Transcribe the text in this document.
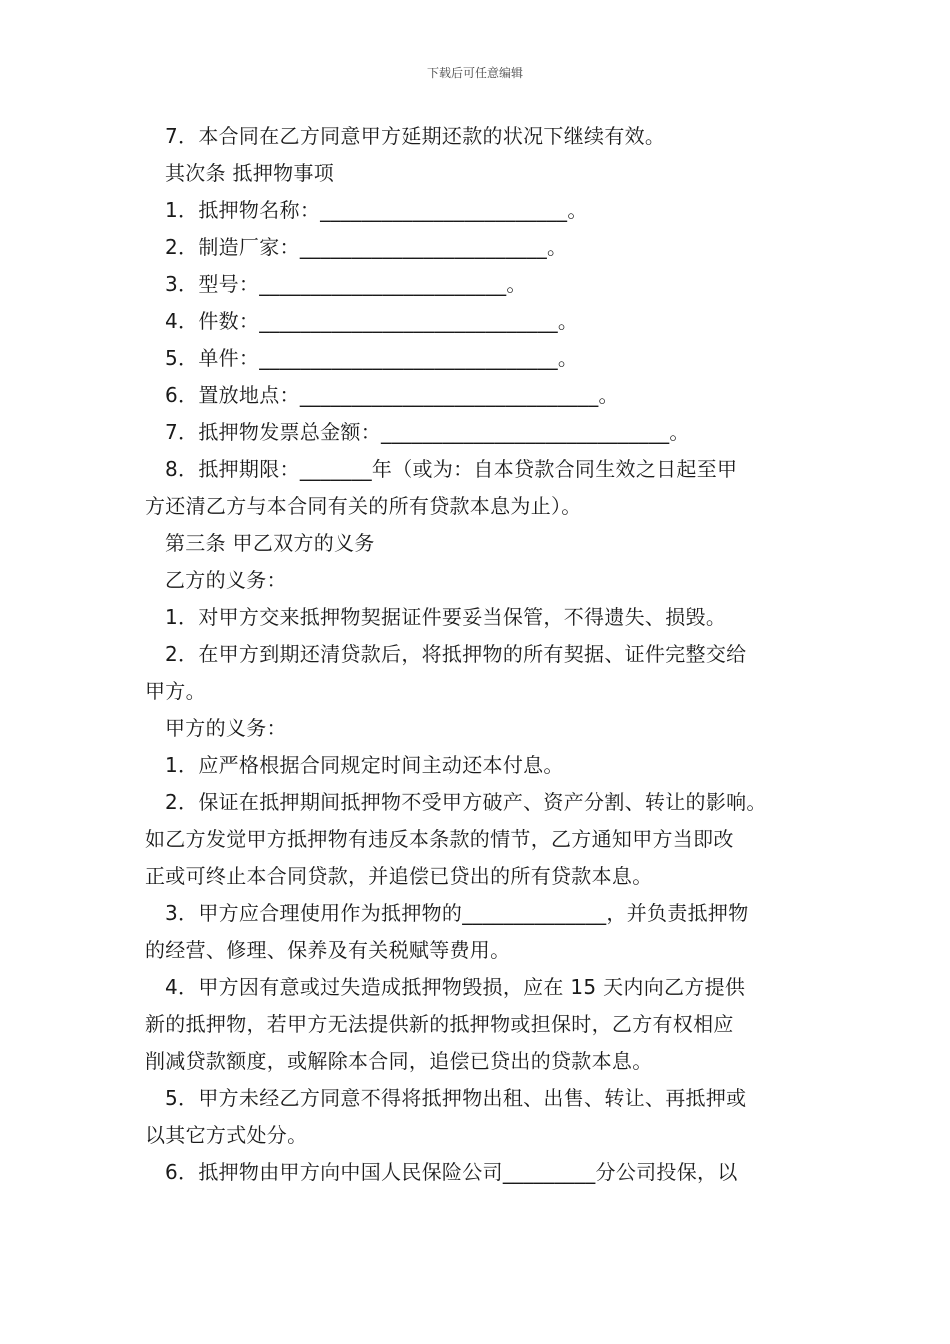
下载后可任意编辑
7．本合同在乙方同意甲方延期还款的状况下继续有效。
其次条 抵押物事项
1．抵押物名称：________________________。
2．制造厂家：________________________。
3．型号：________________________。
4．件数：_____________________________。
5．单件：_____________________________。
6．置放地点：_____________________________。
7．抵押物发票总金额：____________________________。
8．抵押期限：_______年（或为：自本贷款合同生效之日起至甲
方还清乙方与本合同有关的所有贷款本息为止）。
第三条 甲乙双方的义务
乙方的义务：
1．对甲方交来抵押物契据证件要妥当保管，不得遗失、损毁。
2．在甲方到期还清贷款后，将抵押物的所有契据、证件完整交给
甲方。
甲方的义务：
1．应严格根据合同规定时间主动还本付息。
2．保证在抵押期间抵押物不受甲方破产、资产分割、转让的影响。
如乙方发觉甲方抵押物有违反本条款的情节，乙方通知甲方当即改
正或可终止本合同贷款，并追偿已贷出的所有贷款本息。
3．甲方应合理使用作为抵押物的______________，并负责抵押物
的经营、修理、保养及有关税赋等费用。
4．甲方因有意或过失造成抵押物毁损，应在 15 天内向乙方提供
新的抵押物，若甲方无法提供新的抵押物或担保时，乙方有权相应
削减贷款额度，或解除本合同，追偿已贷出的贷款本息。
5．甲方未经乙方同意不得将抵押物出租、出售、转让、再抵押或
以其它方式处分。
6．抵押物由甲方向中国人民保险公司_________分公司投保，以
